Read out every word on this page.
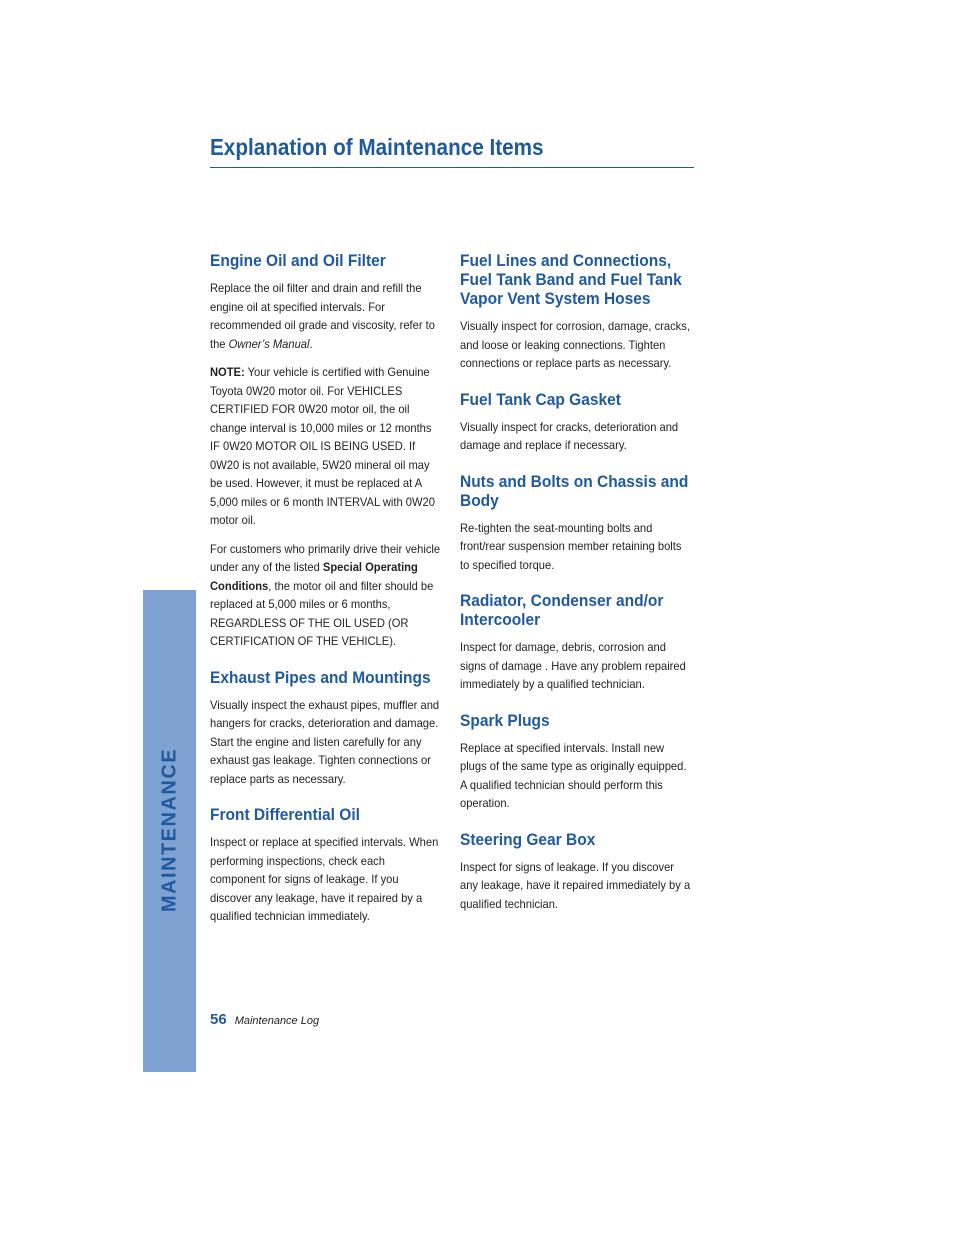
Explanation of Maintenance Items
MAINTENANCE
Engine Oil and Oil Filter

Replace the oil filter and drain and refill the engine oil at specified intervals. For recommended oil grade and viscosity, refer to the Owner’s Manual.

NOTE: Your vehicle is certified with Genuine Toyota 0W20 motor oil. For VEHICLES CERTIFIED FOR 0W20 motor oil, the oil change interval is 10,000 miles or 12 months IF 0W20 MOTOR OIL IS BEING USED. If 0W20 is not available, 5W20 mineral oil may be used. However, it must be replaced at A 5,000 miles or 6 month INTERVAL with 0W20 motor oil.

For customers who primarily drive their vehicle under any of the listed Special Operating Conditions, the motor oil and filter should be replaced at 5,000 miles or 6 months, REGARDLESS OF THE OIL USED (OR CERTIFICATION OF THE VEHICLE).

Exhaust Pipes and Mountings

Visually inspect the exhaust pipes, muffler and hangers for cracks, deterioration and damage. Start the engine and listen carefully for any exhaust gas leakage. Tighten connections or replace parts as necessary.

Front Differential Oil

Inspect or replace at specified intervals. When performing inspections, check each component for signs of leakage. If you discover any leakage, have it repaired by a qualified technician immediately.

Fuel Lines and Connections, Fuel Tank Band and Fuel Tank Vapor Vent System Hoses

Visually inspect for corrosion, damage, cracks, and loose or leaking connections. Tighten connections or replace parts as necessary.

Fuel Tank Cap Gasket

Visually inspect for cracks, deterioration and damage and replace if necessary.

Nuts and Bolts on Chassis and Body

Re-tighten the seat-mounting bolts and front/rear suspension member retaining bolts to specified torque.

Radiator, Condenser and/or Intercooler

Inspect for damage, debris, corrosion and signs of damage . Have any problem repaired immediately by a qualified technician.

Spark Plugs

Replace at specified intervals. Install new plugs of the same type as originally equipped. A qualified technician should perform this operation.

Steering Gear Box

Inspect for signs of leakage. If you discover any leakage, have it repaired immediately by a qualified technician.

56 Maintenance Log
